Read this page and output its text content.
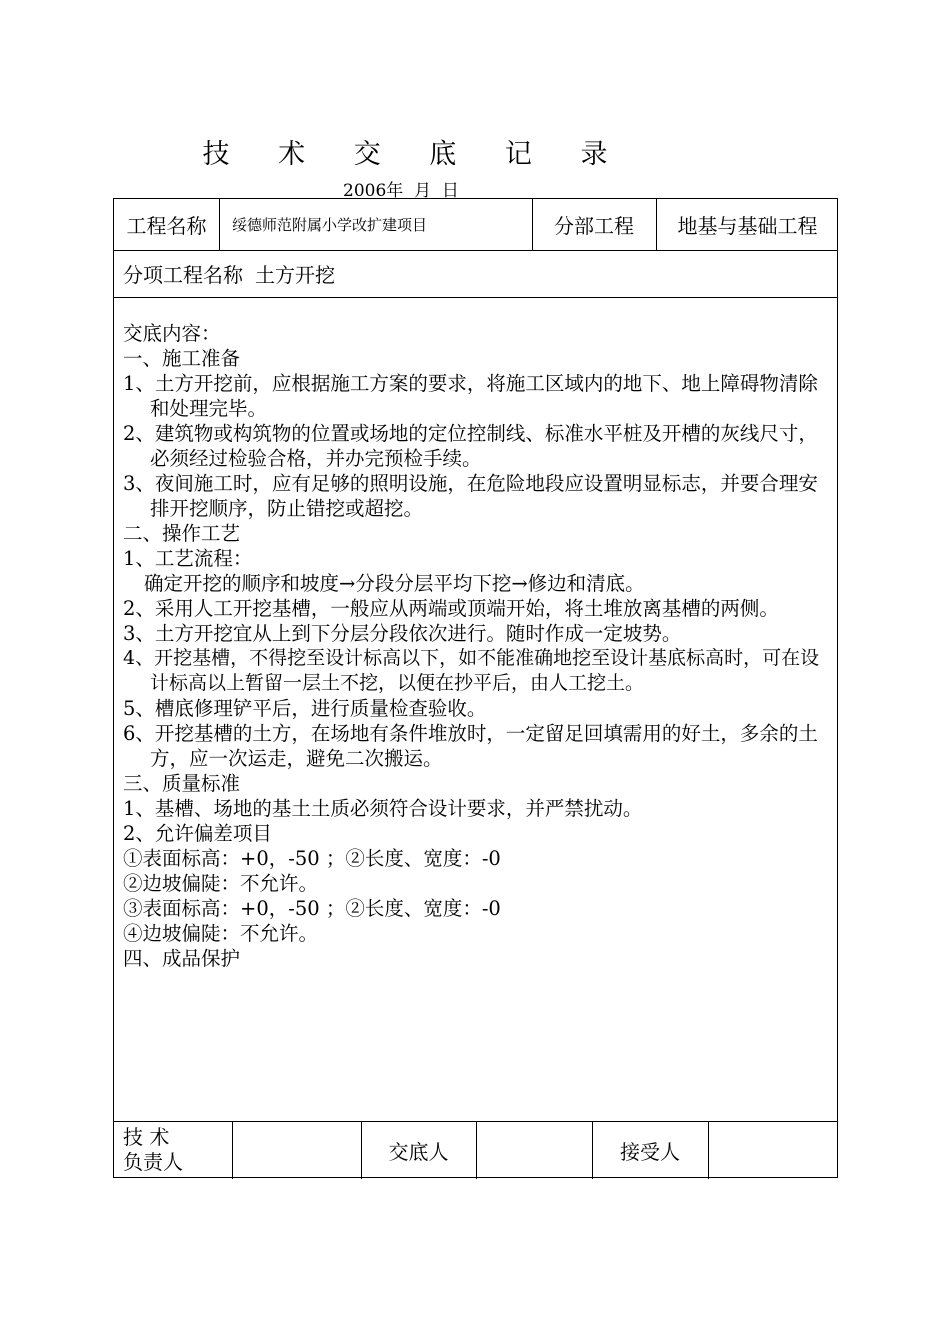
技 术 交 底 记 录
2006年  月  日
工程名称	绥德师范附属小学改扩建项目	分部工程	地基与基础工程
分项工程名称 土方开挖

交底内容：

一、施工准备

1、土方开挖前，应根据施工方案的要求，将施工区域内的地下、地上障碍物清除和处理完毕。

2、建筑物或构筑物的位置或场地的定位控制线、标准水平桩及开槽的灰线尺寸，必须经过检验合格，并办完预检手续。

3、夜间施工时，应有足够的照明设施，在危险地段应设置明显标志，并要合理安排开挖顺序，防止错挖或超挖。

二、操作工艺

1、工艺流程：

确定开挖的顺序和坡度→分段分层平均下挖→修边和清底。

2、采用人工开挖基槽，一般应从两端或顶端开始，将土堆放离基槽的两侧。

3、土方开挖宜从上到下分层分段依次进行。随时作成一定坡势。

4、开挖基槽，不得挖至设计标高以下，如不能准确地挖至设计基底标高时，可在设计标高以上暂留一层土不挖，以便在抄平后，由人工挖土。

5、槽底修理铲平后，进行质量检查验收。

6、开挖基槽的土方，在场地有条件堆放时，一定留足回填需用的好土，多余的土方，应一次运走，避免二次搬运。

三、质量标准

1、基槽、场地的基土土质必须符合设计要求，并严禁扰动。

2、允许偏差项目

①表面标高：+0，-50 ；②长度、宽度：-0

②边坡偏陡：不允许。

③表面标高：+0，-50 ；②长度、宽度：-0

④边坡偏陡：不允许。

四、成品保护

技 术
负责人	交底人	接受人
